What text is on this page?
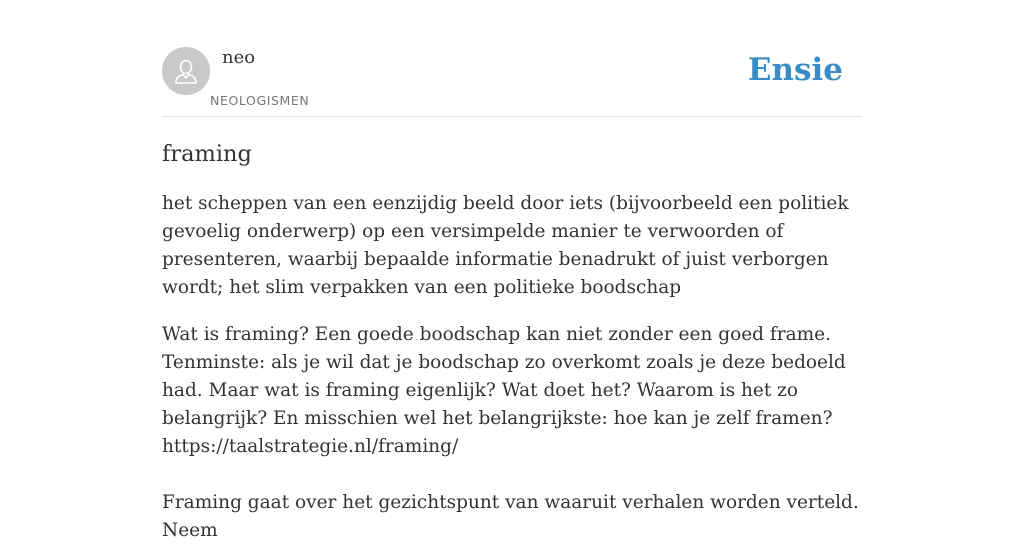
neo
NEOLOGISMEN
Ensie
framing

het scheppen van een eenzijdig beeld door iets (bijvoorbeeld een politiek gevoelig onderwerp) op een versimpelde manier te verwoorden of presenteren, waarbij bepaalde informatie benadrukt of juist verborgen wordt; het slim verpakken van een politieke boodschap

Wat is framing? Een goede boodschap kan niet zonder een goed frame. Tenminste: als je wil dat je boodschap zo overkomt zoals je deze bedoeld had. Maar wat is framing eigenlijk? Wat doet het? Waarom is het zo belangrijk? En misschien wel het belangrijkste: hoe kan je zelf framen?

https://taalstrategie.nl/framing/

Framing gaat over het gezichtspunt van waaruit verhalen worden verteld. Neem
